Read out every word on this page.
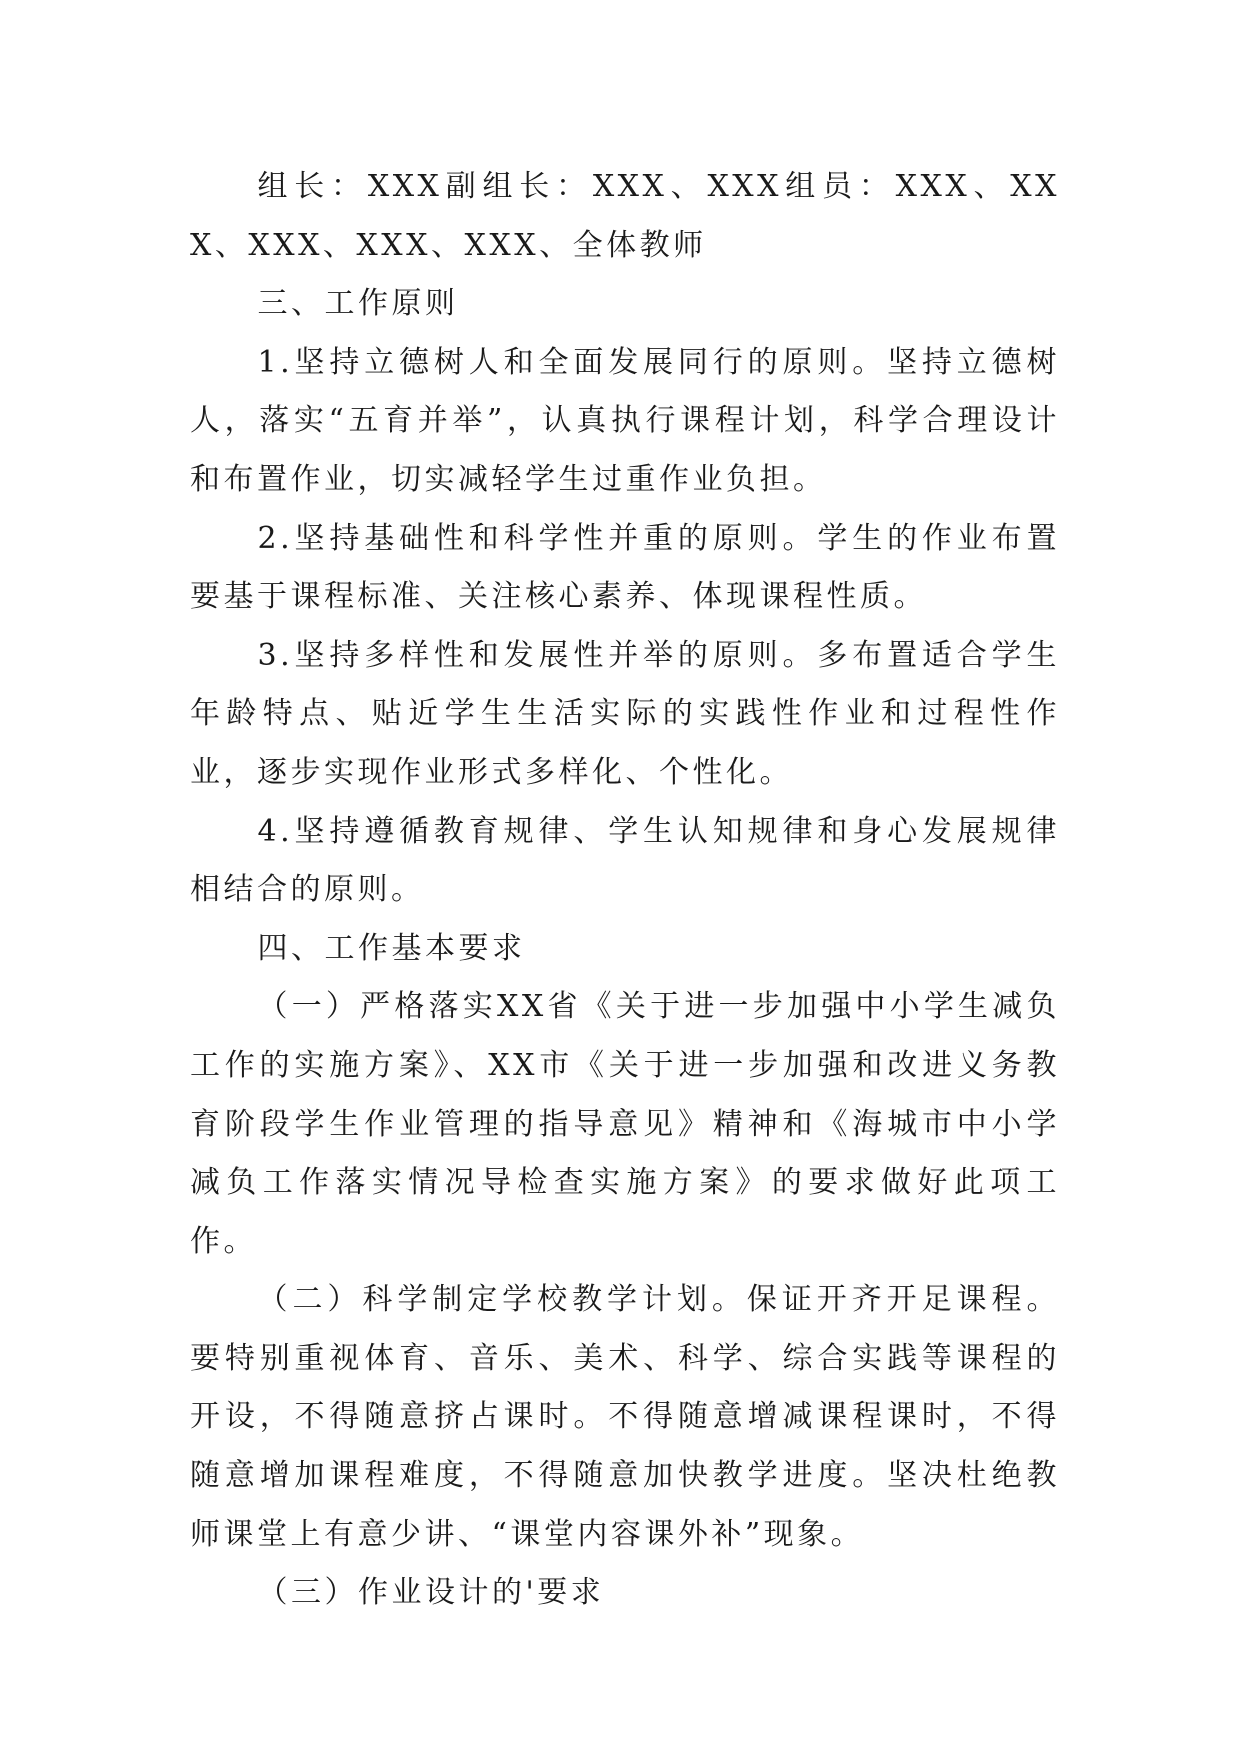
组长：XXX副组长：XXX、XXX组员：XXX、XXX、XXX、XXX、XXX、全体教师

三、工作原则

1.坚持立德树人和全面发展同行的原则。坚持立德树人，落实“五育并举”，认真执行课程计划，科学合理设计和布置作业，切实减轻学生过重作业负担。

2.坚持基础性和科学性并重的原则。学生的作业布置要基于课程标准、关注核心素养、体现课程性质。

3.坚持多样性和发展性并举的原则。多布置适合学生年龄特点、贴近学生生活实际的实践性作业和过程性作业，逐步实现作业形式多样化、个性化。

4.坚持遵循教育规律、学生认知规律和身心发展规律相结合的原则。

四、工作基本要求

（一）严格落实XX省《关于进一步加强中小学生减负工作的实施方案》、XX市《关于进一步加强和改进义务教育阶段学生作业管理的指导意见》精神和《海城市中小学减负工作落实情况导检查实施方案》的要求做好此项工作。

（二）科学制定学校教学计划。保证开齐开足课程。要特别重视体育、音乐、美术、科学、综合实践等课程的开设，不得随意挤占课时。不得随意增减课程课时，不得随意增加课程难度，不得随意加快教学进度。坚决杜绝教师课堂上有意少讲、“课堂内容课外补”现象。

（三）作业设计的'要求
